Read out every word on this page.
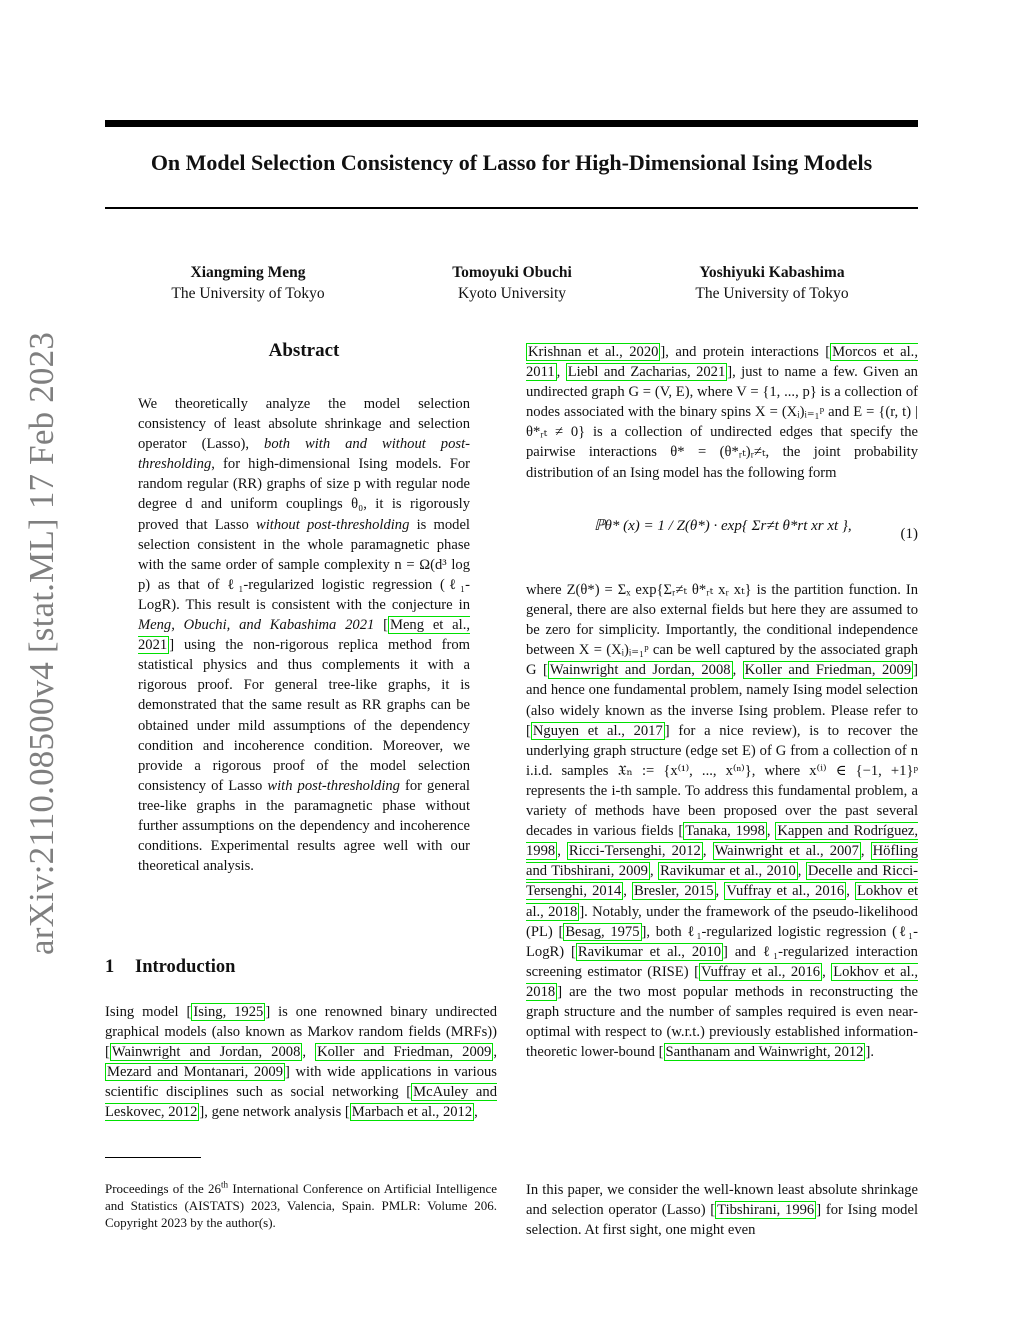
On Model Selection Consistency of Lasso for High-Dimensional Ising Models
Xiangming Meng
The University of Tokyo
Tomoyuki Obuchi
Kyoto University
Yoshiyuki Kabashima
The University of Tokyo
arXiv:2110.08500v4 [stat.ML] 17 Feb 2023	Abstract
We theoretically analyze the model selection consistency of least absolute shrinkage and selection operator (Lasso), both with and without post-thresholding, for high-dimensional Ising models. For random regular (RR) graphs of size p with regular node degree d and uniform couplings θ₀, it is rigorously proved that Lasso without post-thresholding is model selection consistent in the whole paramagnetic phase with the same order of sample complexity n = Ω(d³ log p) as that of ℓ₁-regularized logistic regression (ℓ₁-LogR). This result is consistent with the conjecture in Meng, Obuchi, and Kabashima 2021 [ Meng et al., 2021 ] using the non-rigorous replica method from statistical physics and thus complements it with a rigorous proof. For general tree-like graphs, it is demonstrated that the same result as RR graphs can be obtained under mild assumptions of the dependency condition and incoherence condition. Moreover, we provide a rigorous proof of the model selection consistency of Lasso with post-thresholding for general tree-like graphs in the paramagnetic phase without further assumptions on the dependency and incoherence conditions. Experimental results agree well with our theoretical analysis.
1 Introduction
Ising model [ Ising, 1925 ] is one renowned binary undirected graphical models (also known as Markov random fields (MRFs)) [ Wainwright and Jordan, 2008 , Koller and Friedman, 2009 , Mezard and Montanari, 2009 ] with wide applications in various scientific disciplines such as social networking [ McAuley and Leskovec, 2012 ], gene network analysis [ Marbach et al., 2012 ,
Proceedings of the 26th International Conference on Artificial Intelligence and Statistics (AISTATS) 2023, Valencia, Spain. PMLR: Volume 206. Copyright 2023 by the author(s).
Krishnan et al., 2020 ], and protein interactions [ Morcos et al., 2011 , Liebl and Zacharias, 2021 ], just to name a few. Given an undirected graph G = (V, E), where V = {1, ..., p} is a collection of nodes associated with the binary spins X = (Xᵢ)ᵢ₌₁ᵖ and E = {(r, t) | θ*ᵣₜ ≠ 0} is a collection of undirected edges that specify the pairwise interactions θ* = (θ*ᵣₜ)ᵣ≠ₜ, the joint probability distribution of an Ising model has the following form
ℙθ* (x) = 1 / Z(θ*) · exp{ Σr≠t θ*rt xr xt },	(1)
where Z(θ*) = Σₓ exp{Σᵣ≠ₜ θ*ᵣₜ xᵣ xₜ} is the partition function. In general, there are also external fields but here they are assumed to be zero for simplicity. Importantly, the conditional independence between X = (Xᵢ)ᵢ₌₁ᵖ can be well captured by the associated graph G [ Wainwright and Jordan, 2008 , Koller and Friedman, 2009 ] and hence one fundamental problem, namely Ising model selection (also widely known as the inverse Ising problem. Please refer to [ Nguyen et al., 2017 ] for a nice review), is to recover the underlying graph structure (edge set E) of G from a collection of n i.i.d. samples 𝔛ₙ := {x⁽¹⁾, ..., x⁽ⁿ⁾}, where x⁽ⁱ⁾ ∈ {−1, +1}ᵖ represents the i-th sample. To address this fundamental problem, a variety of methods have been proposed over the past several decades in various fields [ Tanaka, 1998 , Kappen and Rodríguez, 1998 , Ricci-Tersenghi, 2012 , Wainwright et al., 2007 , Höfling and Tibshirani, 2009 , Ravikumar et al., 2010 , Decelle and Ricci-Tersenghi, 2014 , Bresler, 2015 , Vuffray et al., 2016 , Lokhov et al., 2018 ]. Notably, under the framework of the pseudo-likelihood (PL) [ Besag, 1975 ], both ℓ₁-regularized logistic regression (ℓ₁-LogR) [ Ravikumar et al., 2010 ] and ℓ₁-regularized interaction screening estimator (RISE) [ Vuffray et al., 2016 , Lokhov et al., 2018 ] are the two most popular methods in reconstructing the graph structure and the number of samples required is even near-optimal with respect to (w.r.t.) previously established information-theoretic lower-bound [ Santhanam and Wainwright, 2012 ].
In this paper, we consider the well-known least absolute shrinkage and selection operator (Lasso) [ Tibshirani, 1996 ] for Ising model selection. At first sight, one might even
